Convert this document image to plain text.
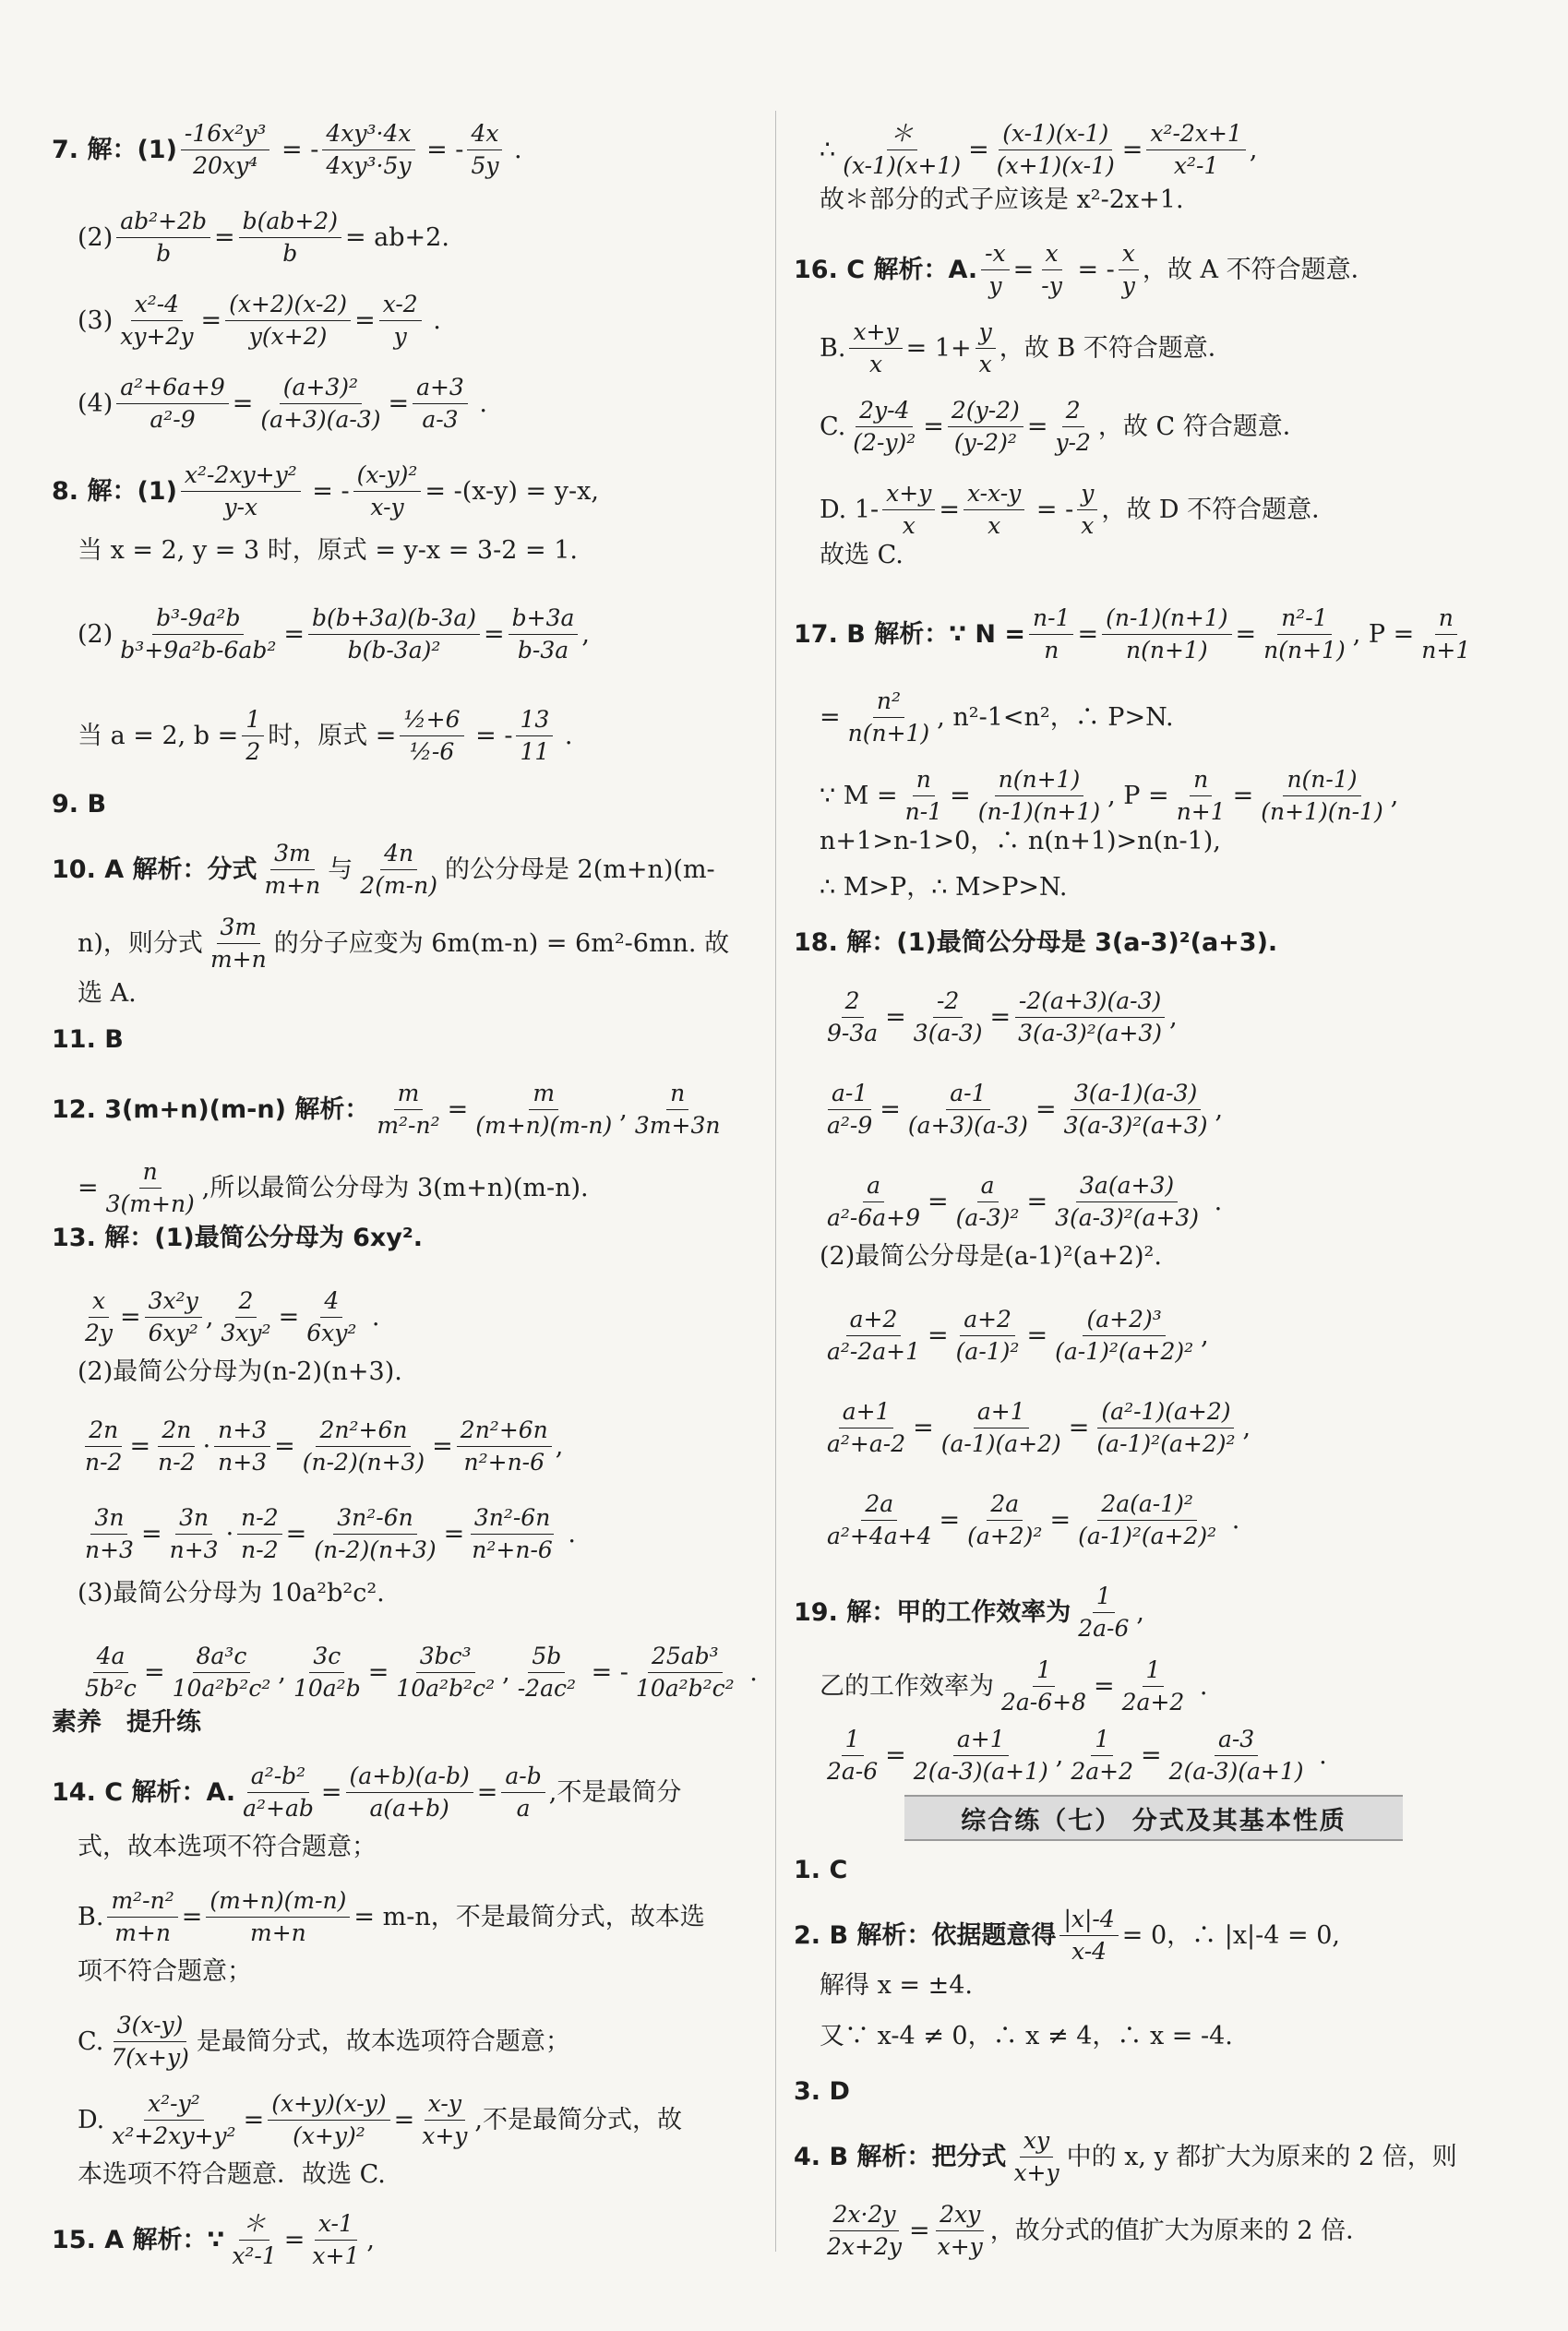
7. 解：$(1) \frac{\text{-16x²y³}}{\text{20xy⁴}}$ = - $\frac{\text{4xy³·4x}}{\text{4xy³·5y}}$ = - $\frac{4x}{5y}$ .
$(2) \frac{\text{ab²+2b}}{b} = \frac{b(ab+2)}{b} = ab+2$.
$(3) \frac{\text{x²-4}}{xy+2y} = \frac{(x+2)(x-2)}{y(x+2)} = \frac{x-2}{y}$ .
$(4) \frac{\text{a²+6a+9}}{\text{a²-9}} = \frac{\text{(a+3)²}}{(a+3)(a-3)} = \frac{a+3}{a-3}$ .
8. 解：$(1) \frac{\text{x²-2xy+y²}}{y-x}$ = - $\frac{\text{(x-y)²}}{x-y} = -(x-y) = y-x$,
当 x = 2, y = 3 时，原式 = y-x = 3-2 = 1.
$(2) \frac{\text{b³-9a²b}}{\text{b³+9a²b-6ab²}} = \frac{b(b+3a)(b-3a)}{\text{b(b-3a)²}} = \frac{b+3a}{b-3a}$ ,
当 a = 2, $b = \frac{1}{2}$ 时，原式 = $\frac{\text{½+6}}{\text{½-6}}$ = - $\frac{13}{11}$ .
9. B
10. A 解析：分式 $\frac{3m}{m+n}$ 与 $\frac{4n}{2(m-n)}$ 的公分母是 2(m+n)(m-
n)，则分式 $\frac{3m}{m+n}$ 的分子应变为 6m(m-n) = 6m²-6mn. 故
选 A.
11. B
12. 3(m+n)(m-n) 解析： $\frac{m}{\text{m²-n²}} = \frac{m}{(m+n)(m-n)}$ , $\frac{n}{3m+3n}$
= $\frac{n}{3(m+n)}$ ,所以最简公分母为 3(m+n)(m-n).
13. 解：(1)最简公分母为 6xy².
$\frac{x}{2y} = \frac{\text{3x²y}}{\text{6xy²}}$ , $\frac{2}{\text{3xy²}} = \frac{4}{\text{6xy²}}$ .
(2)最简公分母为(n-2)(n+3).
$\frac{2n}{n-2} = \frac{2n}{n-2} \cdot \frac{n+3}{n+3} = \frac{\text{2n²+6n}}{(n-2)(n+3)} = \frac{\text{2n²+6n}}{\text{n²+n-6}}$ ,
$\frac{3n}{n+3} = \frac{3n}{n+3} \cdot \frac{n-2}{n-2} = \frac{\text{3n²-6n}}{(n-2)(n+3)} = \frac{\text{3n²-6n}}{\text{n²+n-6}}$ .
(3)最简公分母为 10a²b²c².
$\frac{4a}{\text{5b²c}} = \frac{\text{8a³c}}{\text{10a²b²c²}}$ , $\frac{3c}{\text{10a²b}} = \frac{\text{3bc³}}{\text{10a²b²c²}}$ , $\frac{5b}{\text{-2ac²}}$ = - $\frac{\text{25ab³}}{\text{10a²b²c²}}$ .
素养　提升练
14. C 解析：A. $\frac{\text{a²-b²}}{\text{a²+ab}} = \frac{(a+b)(a-b)}{a(a+b)} = \frac{a-b}{a}$ ,不是最简分
式，故本选项不符合题意；
B. $\frac{\text{m²-n²}}{m+n} = \frac{(m+n)(m-n)}{m+n} = m-n$，不是最简分式，故本选
项不符合题意；
C. $\frac{3(x-y)}{7(x+y)}$ 是最简分式，故本选项符合题意；
D. $\frac{\text{x²-y²}}{\text{x²+2xy+y²}} = \frac{(x+y)(x-y)}{\text{(x+y)²}} = \frac{x-y}{x+y}$ ,不是最简分式，故
本选项不符合题意．故选 C.
15. A 解析：∵ $\frac{*}{\text{x²-1}} = \frac{x-1}{x+1}$ ,
∴ $\frac{*}{(x-1)(x+1)} = \frac{(x-1)(x-1)}{(x+1)(x-1)} = \frac{\text{x²-2x+1}}{\text{x²-1}}$ ,
故＊部分的式子应该是 x²-2x+1.
16. C 解析：A. $\frac{-x}{y} = \frac{x}{-y}$ = - $\frac{x}{y}$ ，故 A 不符合题意．
B. $\frac{x+y}{x} = 1+ \frac{y}{x}$ ，故 B 不符合题意．
C. $\frac{2y-4}{\text{(2-y)²}} = \frac{2(y-2)}{\text{(y-2)²}} = \frac{2}{y-2}$ ，故 C 符合题意．
D. $1- \frac{x+y}{x} = \frac{x-x-y}{x}$ = - $\frac{y}{x}$ ，故 D 不符合题意．
故选 C.
17. B 解析：∵ $N = \frac{n-1}{n} = \frac{(n-1)(n+1)}{n(n+1)} = \frac{\text{n²-1}}{n(n+1)}$ , $P = \frac{n}{n+1}$
= $\frac{\text{n²}}{n(n+1)}$ , n²-1<n²，∴ P>N.
∵ $M = \frac{n}{n-1} = \frac{n(n+1)}{(n-1)(n+1)}$ , $P = \frac{n}{n+1} = \frac{n(n-1)}{(n+1)(n-1)}$ ,
n+1>n-1>0，∴ n(n+1)>n(n-1),
∴ M>P，∴ M>P>N.
18. 解：(1)最简公分母是 3(a-3)²(a+3).
$\frac{2}{9-3a} = \frac{-2}{3(a-3)} = \frac{-2(a+3)(a-3)}{\text{3(a-3)²(a+3)}}$ ,
$\frac{a-1}{\text{a²-9}} = \frac{a-1}{(a+3)(a-3)} = \frac{3(a-1)(a-3)}{\text{3(a-3)²(a+3)}}$ ,
$\frac{a}{\text{a²-6a+9}} = \frac{a}{\text{(a-3)²}} = \frac{3a(a+3)}{\text{3(a-3)²(a+3)}}$ .
(2)最简公分母是(a-1)²(a+2)².
$\frac{a+2}{\text{a²-2a+1}} = \frac{a+2}{\text{(a-1)²}} = \frac{\text{(a+2)³}}{\text{(a-1)²(a+2)²}}$ ,
$\frac{a+1}{\text{a²+a-2}} = \frac{a+1}{(a-1)(a+2)} = \frac{\text{(a²-1)(a+2)}}{\text{(a-1)²(a+2)²}}$ ,
$\frac{2a}{\text{a²+4a+4}} = \frac{2a}{\text{(a+2)²}} = \frac{\text{2a(a-1)²}}{\text{(a-1)²(a+2)²}}$ .
19. 解：甲的工作效率为 $\frac{1}{2a-6}$ ,
乙的工作效率为 $\frac{1}{2a-6+8} = \frac{1}{2a+2}$ .
$\frac{1}{2a-6} = \frac{a+1}{2(a-3)(a+1)}$ , $\frac{1}{2a+2} = \frac{a-3}{2(a-3)(a+1)}$ .
综合练（七） 分式及其基本性质
1. C
2. B 解析：依据题意得 $\frac{|x|-4}{x-4} = 0$，∴ |x|-4 = 0,
解得 x = ±4.
又∵ x-4 ≠ 0，∴ x ≠ 4，∴ x = -4.
3. D
4. B 解析：把分式 $\frac{xy}{x+y}$ 中的 x, y 都扩大为原来的 2 倍，则
$\frac{2x\cdot 2y}{2x+2y} = \frac{2xy}{x+y}$ ，故分式的值扩大为原来的 2 倍．
